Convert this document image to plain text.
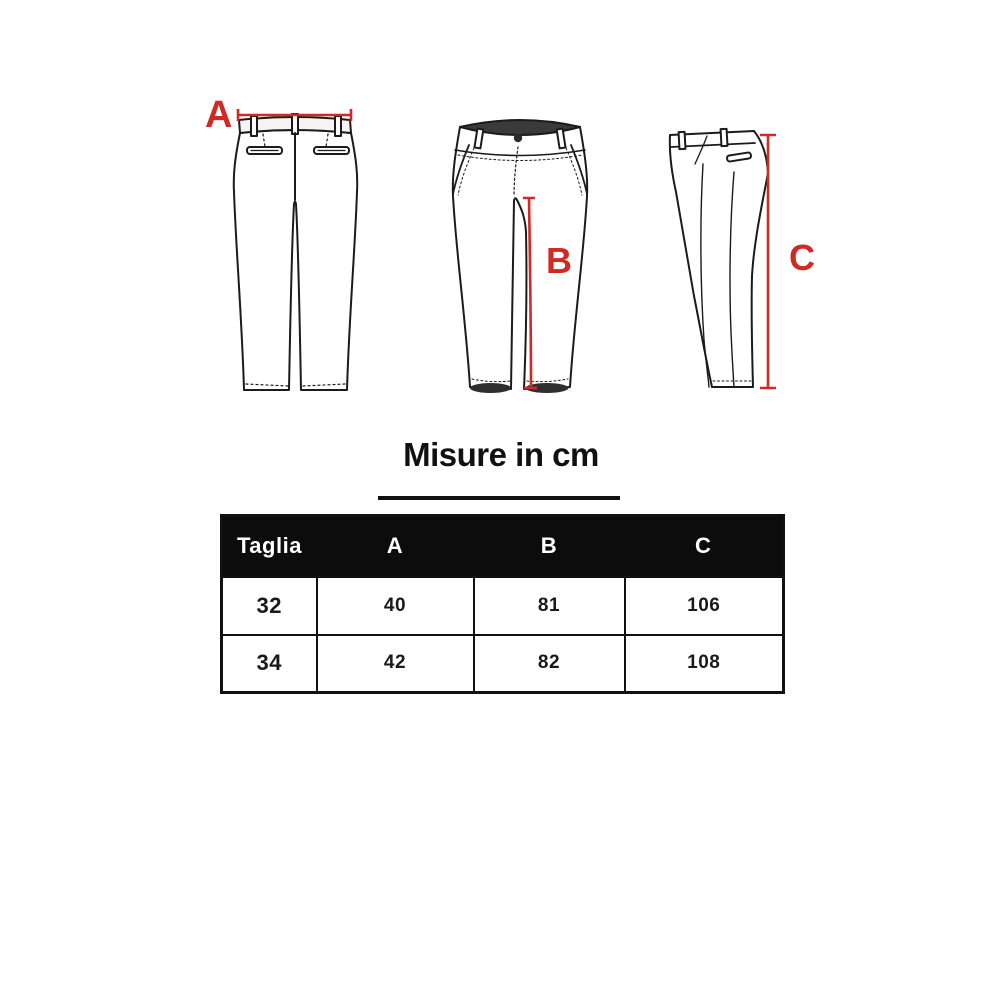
A
B	C
Misure in cm
Taglia	A	B	C
32	40	81	106
34	42	82	108
